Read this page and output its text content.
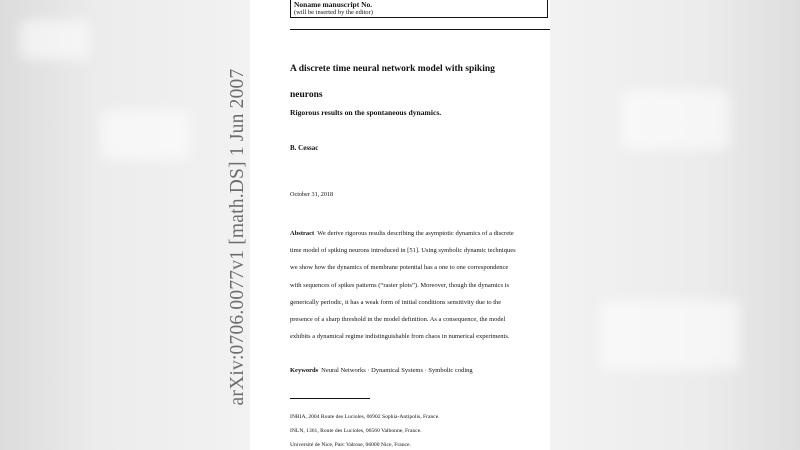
arXiv:0706.0077v1 [math.DS] 1 Jun 2007
Noname manuscript No.
(will be inserted by the editor)
A discrete time neural network model with spiking
neurons
Rigorous results on the spontaneous dynamics.

B. Cessac

October 31, 2018

Abstract We derive rigorous results describing the asymptotic dynamics of a discrete
time model of spiking neurons introduced in [51]. Using symbolic dynamic techniques
we show how the dynamics of membrane potential has a one to one correspondence
with sequences of spikes patterns (“raster plots”). Moreover, though the dynamics is
generically periodic, it has a weak form of initial conditions sensitivity due to the
presence of a sharp threshold in the model definition. As a consequence, the model
exhibits a dynamical regime indistinguishable from chaos in numerical experiments.

Keywords Neural Networks · Dynamical Systems · Symbolic coding

INRIA, 2004 Route des Lucioles, 06902 Sophia-Antipolis, France.

INLN, 1361, Route des Lucioles, 06560 Valbonne, France.

Université de Nice, Parc Valrose, 06000 Nice, France.
